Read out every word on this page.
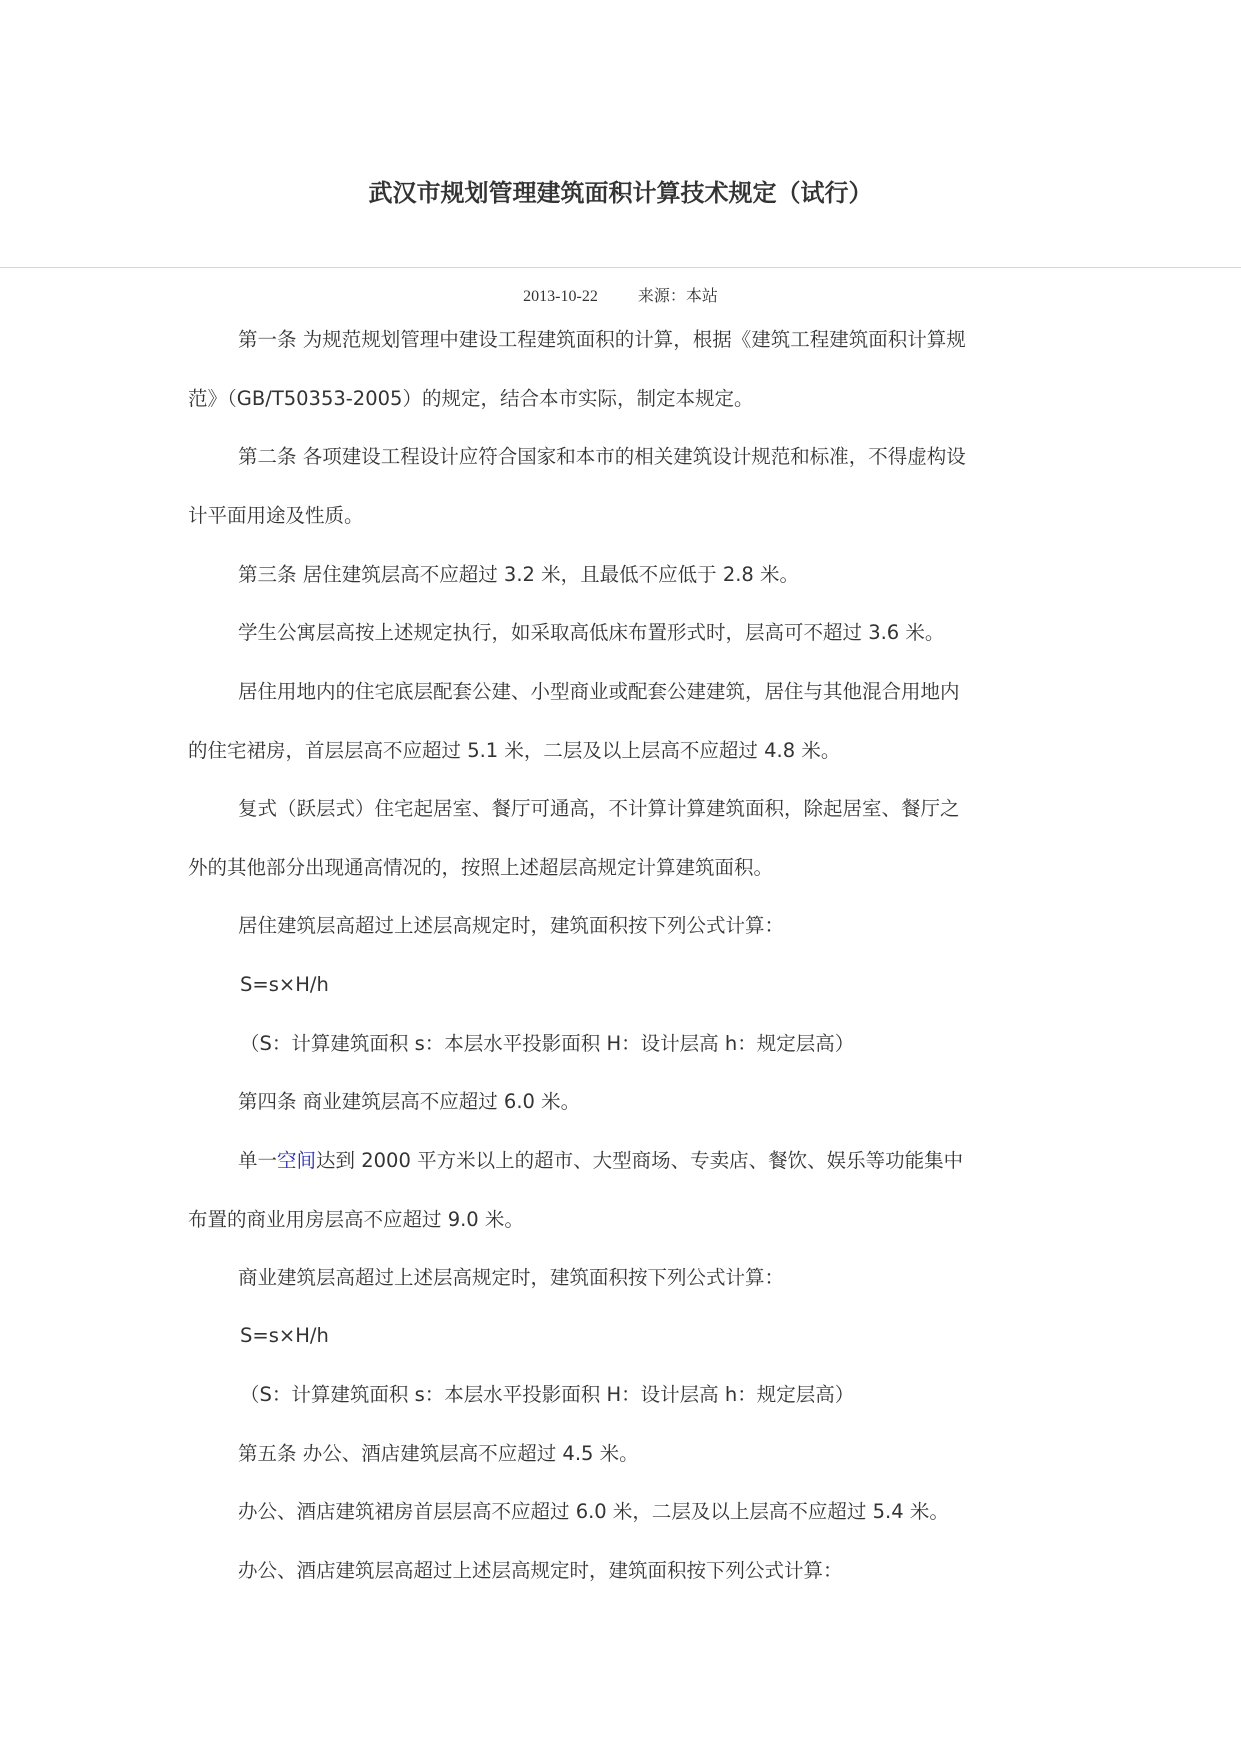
武汉市规划管理建筑面积计算技术规定（试行）
2013-10-22	来源：本站
第一条 为规范规划管理中建设工程建筑面积的计算，根据《建筑工程建筑面积计算规
范》（GB/T50353-2005）的规定，结合本市实际，制定本规定。
第二条 各项建设工程设计应符合国家和本市的相关建筑设计规范和标准，不得虚构设
计平面用途及性质。
第三条 居住建筑层高不应超过 3.2 米，且最低不应低于 2.8 米。
学生公寓层高按上述规定执行，如采取高低床布置形式时，层高可不超过 3.6 米。
居住用地内的住宅底层配套公建、小型商业或配套公建建筑，居住与其他混合用地内
的住宅裙房，首层层高不应超过 5.1 米，二层及以上层高不应超过 4.8 米。
复式（跃层式）住宅起居室、餐厅可通高，不计算计算建筑面积，除起居室、餐厅之
外的其他部分出现通高情况的，按照上述超层高规定计算建筑面积。
居住建筑层高超过上述层高规定时，建筑面积按下列公式计算：
S=s×H/h
（S：计算建筑面积 s：本层水平投影面积 H：设计层高 h：规定层高）
第四条 商业建筑层高不应超过 6.0 米。
单一空间达到 2000 平方米以上的超市、大型商场、专卖店、餐饮、娱乐等功能集中
布置的商业用房层高不应超过 9.0 米。
商业建筑层高超过上述层高规定时，建筑面积按下列公式计算：
S=s×H/h
（S：计算建筑面积 s：本层水平投影面积 H：设计层高 h：规定层高）
第五条 办公、酒店建筑层高不应超过 4.5 米。
办公、酒店建筑裙房首层层高不应超过 6.0 米，二层及以上层高不应超过 5.4 米。
办公、酒店建筑层高超过上述层高规定时，建筑面积按下列公式计算：
